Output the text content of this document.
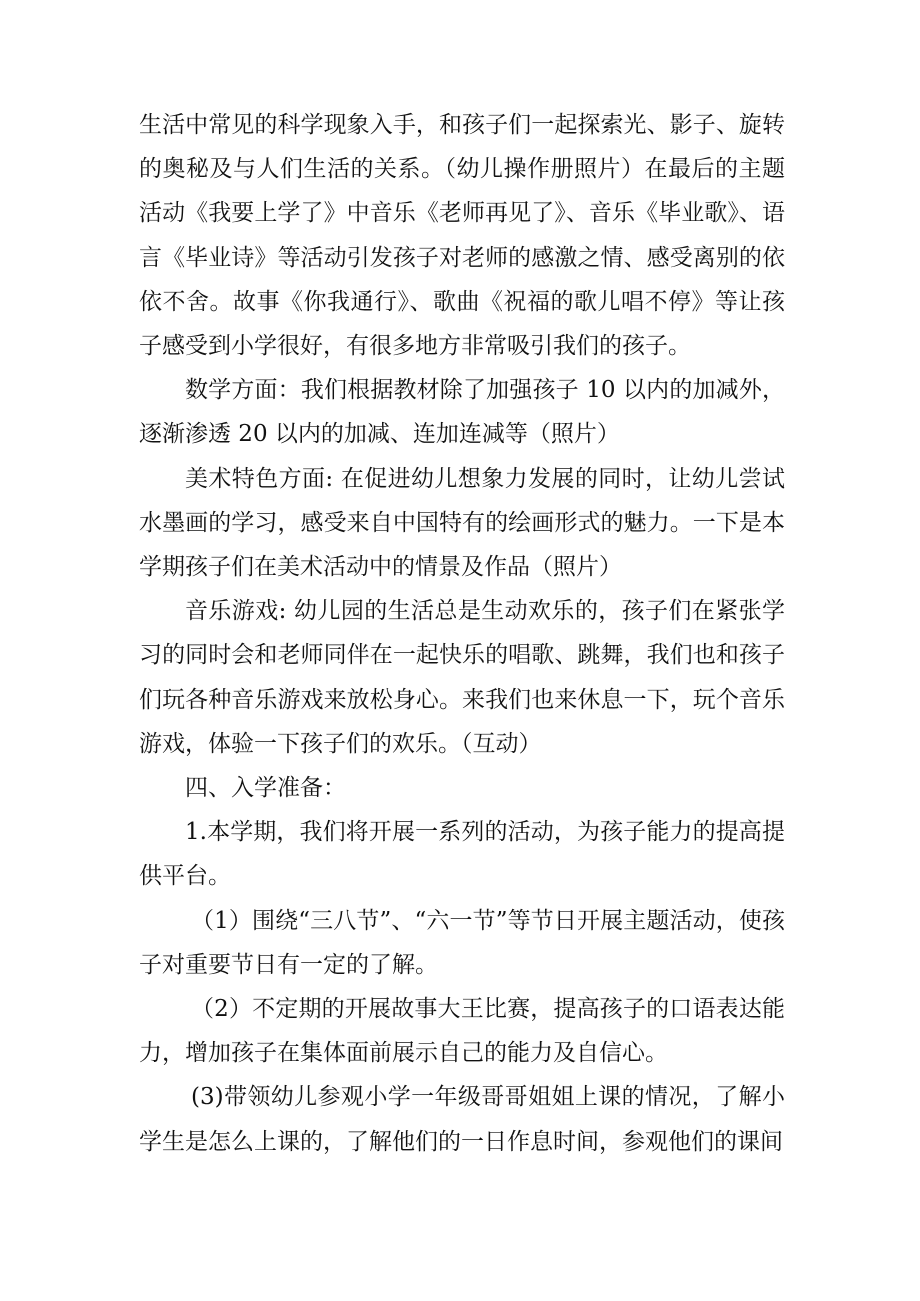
生活中常见的科学现象入手，和孩子们一起探索光、影子、旋转的奥秘及与人们生活的关系。（幼儿操作册照片）在最后的主题活动《我要上学了》中音乐《老师再见了》、音乐《毕业歌》、语言《毕业诗》等活动引发孩子对老师的感激之情、感受离别的依依不舍。故事《你我通行》、歌曲《祝福的歌儿唱不停》等让孩子感受到小学很好，有很多地方非常吸引我们的孩子。

数学方面：我们根据教材除了加强孩子 10 以内的加减外，逐渐渗透 20 以内的加减、连加连减等（照片）

美术特色方面: 在促进幼儿想象力发展的同时，让幼儿尝试水墨画的学习，感受来自中国特有的绘画形式的魅力。一下是本学期孩子们在美术活动中的情景及作品（照片）

音乐游戏: 幼儿园的生活总是生动欢乐的，孩子们在紧张学习的同时会和老师同伴在一起快乐的唱歌、跳舞，我们也和孩子们玩各种音乐游戏来放松身心。来我们也来休息一下，玩个音乐游戏，体验一下孩子们的欢乐。（互动）

四、入学准备：

1.本学期，我们将开展一系列的活动，为孩子能力的提高提供平台。

（1）围绕“三八节”、“六一节”等节日开展主题活动，使孩子对重要节日有一定的了解。

（2）不定期的开展故事大王比赛，提高孩子的口语表达能力，增加孩子在集体面前展示自己的能力及自信心。

(3)带领幼儿参观小学一年级哥哥姐姐上课的情况，了解小学生是怎么上课的，了解他们的一日作息时间，参观他们的课间
